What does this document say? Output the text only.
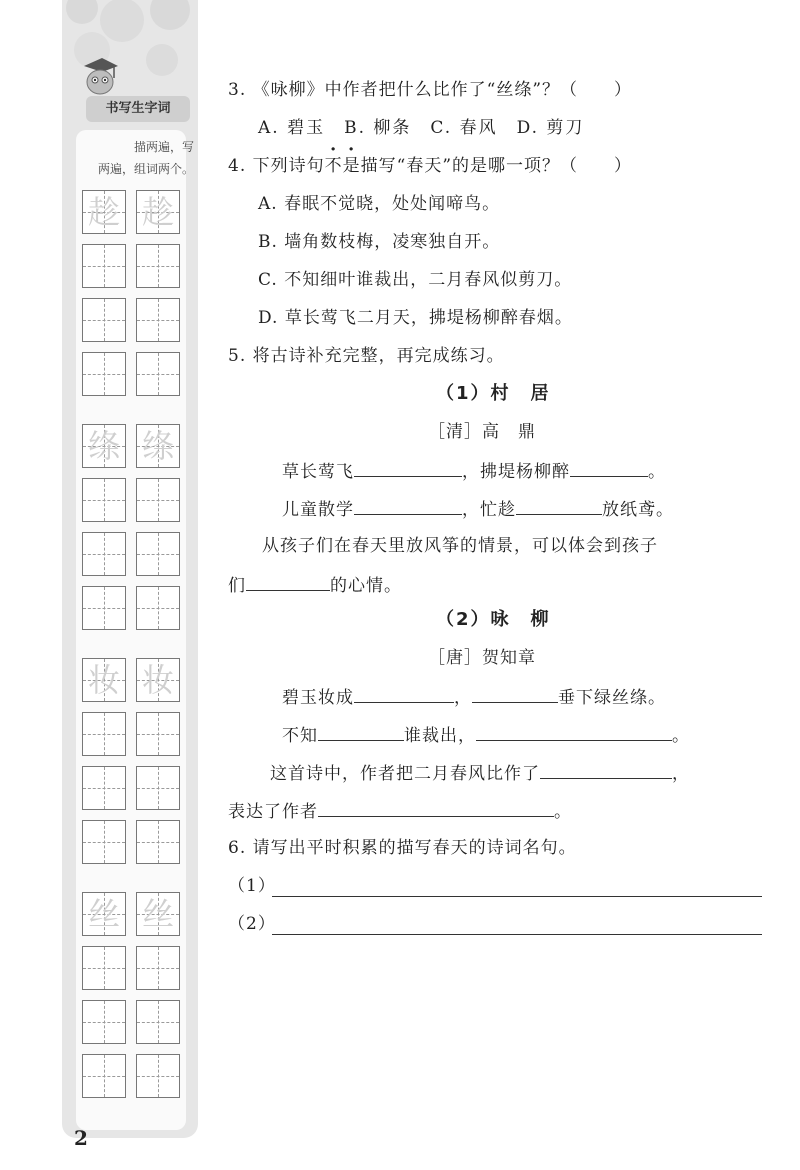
书写生字词
描两遍，写
两遍，组词两个。
趁 趁
绦 绦
妆 妆
丝 丝
2
3. 《咏柳》中作者把什么比作了“丝绦”？（　　）
A. 碧玉　B. 柳条　C. 春风　D. 剪刀
4. 下列诗句不是描写“春天”的是哪一项？（　　）
A. 春眠不觉晓，处处闻啼鸟。
B. 墙角数枝梅，凌寒独自开。
C. 不知细叶谁裁出，二月春风似剪刀。
D. 草长莺飞二月天，拂堤杨柳醉春烟。
5. 将古诗补充完整，再完成练习。
（1）村　居
［清］高　鼎
草长莺飞	，拂堤杨柳醉	。
儿童散学	，忙趁	放纸鸢。
从孩子们在春天里放风筝的情景，可以体会到孩子
们	的心情。
（2）咏　柳
［唐］贺知章
碧玉妆成	，	垂下绿丝绦。
不知	谁裁出，	。
这首诗中，作者把二月春风比作了	，
表达了作者	。
6. 请写出平时积累的描写春天的诗词名句。
（1）
（2）
